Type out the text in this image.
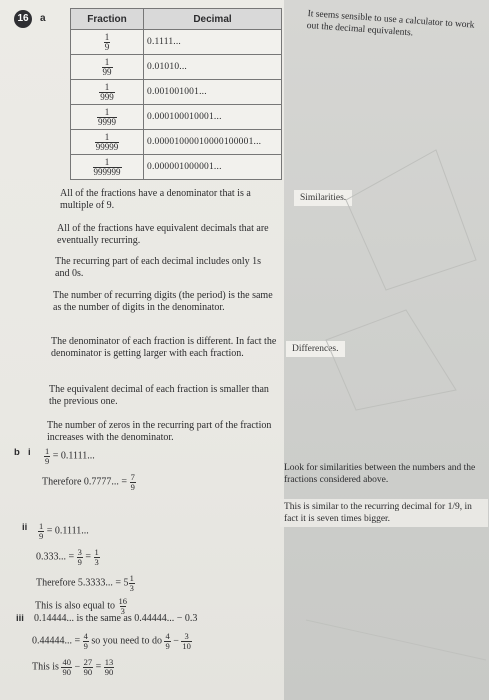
16	a	Fraction	Decimal

$\frac{1}{9}$	0.1111...

$\frac{1}{99}$	0.01010...

$\frac{1}{999}$	0.001001001...

$\frac{1}{9999}$	0.000100010001...

$\frac{1}{99999}$	0.00001000010000100001...

$\frac{1}{999999}$	0.000001000001...
All of the fractions have a denominator that is a multiple of 9.
All of the fractions have equivalent decimals that are eventually recurring.
The recurring part of each decimal includes only 1s and 0s.
The number of recurring digits (the period) is the same as the number of digits in the denominator.
The denominator of each fraction is different. In fact the denominator is getting larger with each fraction.
The equivalent decimal of each fraction is smaller than the previous one.
The number of zeros in the recurring part of the fraction increases with the denominator.
It seems sensible to use a calculator to work out the decimal equivalents.
Similarities.
Differences.
Look for similarities between the numbers and the fractions considered above.
This is similar to the recurring decimal for 1/9, in fact it is seven times bigger.
b i $\frac{1}{9} = 0.1111$...
Therefore 0.7777... = $\frac{7}{9}$
ii $\frac{1}{9} = 0.1111$...
0.333... = $\frac{3}{9} = \frac{1}{3}$
Therefore 5.3333... = $5 \frac{1}{3}$
This is also equal to $\frac{16}{3}$
iii 0.14444... is the same as 0.44444... − 0.3
0.44444... = $\frac{4}{9}$ so you need to do $\frac{4}{9} - \frac{3}{10}$
This is $\frac{40}{90} - \frac{27}{90} = \frac{13}{90}$
